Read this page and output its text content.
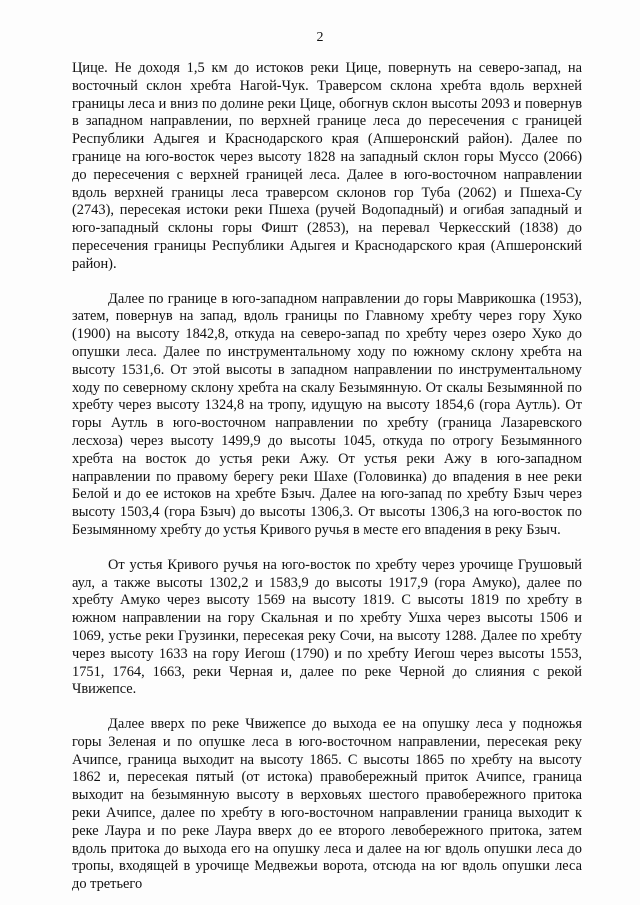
2

Цице. Не доходя 1,5 км до истоков реки Цице, повернуть на северо-запад, на восточный склон хребта Нагой-Чук. Траверсом склона хребта вдоль верхней границы леса и вниз по долине реки Цице, обогнув склон высоты 2093 и повернув в западном направлении, по верхней границе леса до пересечения с границей Республики Адыгея и Краснодарского края (Апшеронский район). Далее по границе на юго-восток через высоту 1828 на западный склон горы Муссо (2066) до пересечения с верхней границей леса. Далее в юго-восточном направлении вдоль верхней границы леса траверсом склонов гор Туба (2062) и Пшеха-Су (2743), пересекая истоки реки Пшеха (ручей Водопадный) и огибая западный и юго-западный склоны горы Фишт (2853), на перевал Черкесский (1838) до пересечения границы Республики Адыгея и Краснодарского края (Апшеронский район).

Далее по границе в юго-западном направлении до горы Маврикошка (1953), затем, повернув на запад, вдоль границы по Главному хребту через гору Хуко (1900) на высоту 1842,8, откуда на северо-запад по хребту через озеро Хуко до опушки леса. Далее по инструментальному ходу по южному склону хребта на высоту 1531,6. От этой высоты в западном направлении по инструментальному ходу по северному склону хребта на скалу Безымянную. От скалы Безымянной по хребту через высоту 1324,8 на тропу, идущую на высоту 1854,6 (гора Аутль). От горы Аутль в юго-восточном направлении по хребту (граница Лазаревского лесхоза) через высоту 1499,9 до высоты 1045, откуда по отрогу Безымянного хребта на восток до устья реки Ажу. От устья реки Ажу в юго-западном направлении по правому берегу реки Шахе (Головинка) до впадения в нее реки Белой и до ее истоков на хребте Бзыч. Далее на юго-запад по хребту Бзыч через высоту 1503,4 (гора Бзыч) до высоты 1306,3. От высоты 1306,3 на юго-восток по Безымянному хребту до устья Кривого ручья в месте его впадения в реку Бзыч.

От устья Кривого ручья на юго-восток по хребту через урочище Грушовый аул, а также высоты 1302,2 и 1583,9 до высоты 1917,9 (гора Амуко), далее по хребту Амуко через высоту 1569 на высоту 1819. С высоты 1819 по хребту в южном направлении на гору Скальная и по хребту Ушха через высоты 1506 и 1069, устье реки Грузинки, пересекая реку Сочи, на высоту 1288. Далее по хребту через высоту 1633 на гору Иегош (1790) и по хребту Иегош через высоты 1553, 1751, 1764, 1663, реки Черная и, далее по реке Черной до слияния с рекой Чвижепсе.

Далее вверх по реке Чвижепсе до выхода ее на опушку леса у подножья горы Зеленая и по опушке леса в юго-восточном направлении, пересекая реку Ачипсе, граница выходит на высоту 1865. С высоты 1865 по хребту на высоту 1862 и, пересекая пятый (от истока) правобережный приток Ачипсе, граница выходит на безымянную высоту в верховьях шестого правобережного притока реки Ачипсе, далее по хребту в юго-восточном направлении граница выходит к реке Лаура и по реке Лаура вверх до ее второго левобережного притока, затем вдоль притока до выхода его на опушку леса и далее на юг вдоль опушки леса до тропы, входящей в урочище Медвежьи ворота, отсюда на юг вдоль опушки леса до третьего
